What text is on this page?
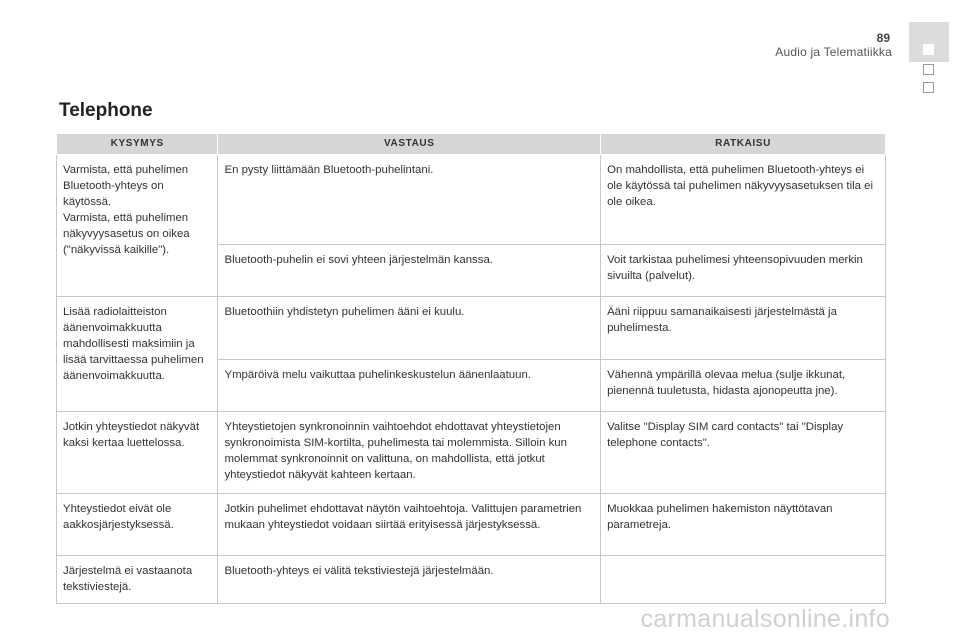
89
Audio ja Telematiikka
Telephone
KYSYMYS	VASTAUS	RATKAISU
Varmista, että puhelimen Bluetooth-yhteys on käytössä.
Varmista, että puhelimen näkyvyysasetus on oikea ("näkyvissä kaikille").	En pysty liittämään Bluetooth-puhelintani.	On mahdollista, että puhelimen Bluetooth-yhteys ei ole käytössä tai puhelimen näkyvyysasetuksen tila ei ole oikea.
	Bluetooth-puhelin ei sovi yhteen järjestelmän kanssa.	Voit tarkistaa puhelimesi yhteensopivuuden merkin sivuilta (palvelut).
Lisää radiolaitteiston äänenvoimakkuutta mahdollisesti maksimiin ja lisää tarvittaessa puhelimen äänenvoimakkuutta.	Bluetoothiin yhdistetyn puhelimen ääni ei kuulu.	Ääni riippuu samanaikaisesti järjestelmästä ja puhelimesta.
	Ympäröivä melu vaikuttaa puhelinkeskustelun äänenlaatuun.	Vähennä ympärillä olevaa melua (sulje ikkunat, pienennä tuuletusta, hidasta ajonopeutta jne).
Jotkin yhteystiedot näkyvät kaksi kertaa luettelossa.	Yhteystietojen synkronoinnin vaihtoehdot ehdottavat yhteystietojen synkronoimista SIM-kortilta, puhelimesta tai molemmista. Silloin kun molemmat synkronoinnit on valittuna, on mahdollista, että jotkut yhteystiedot näkyvät kahteen kertaan.	Valitse "Display SIM card contacts" tai "Display telephone contacts".
Yhteystiedot eivät ole aakkosjärjestyksessä.	Jotkin puhelimet ehdottavat näytön vaihtoehtoja. Valittujen parametrien mukaan yhteystiedot voidaan siirtää erityisessä järjestyksessä.	Muokkaa puhelimen hakemiston näyttötavan parametreja.
Järjestelmä ei vastaanota tekstiviestejä.	Bluetooth-yhteys ei välitä tekstiviestejä järjestelmään.	
carmanualsonline.info
